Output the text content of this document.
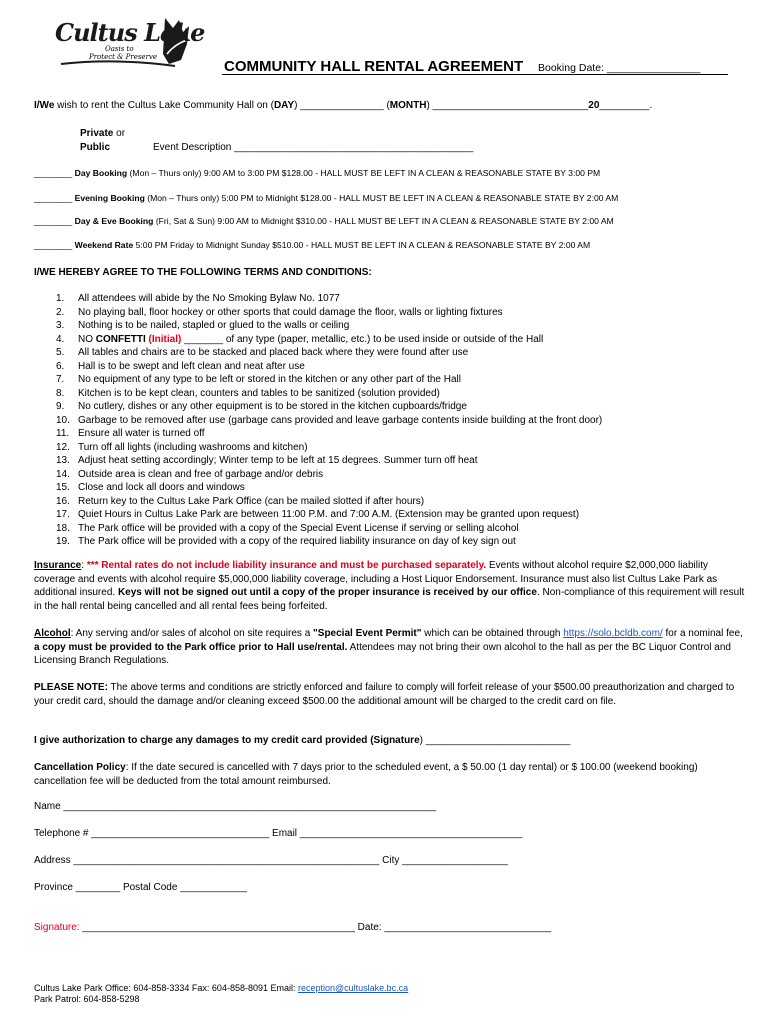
Cultus Lake
Oasis to
Protect & Preserve
COMMUNITY HALL RENTAL AGREEMENT Booking Date: ________________
I/We wish to rent the Cultus Lake Community Hall on (DAY) _______________ (MONTH) ____________________________20_________.
Private or
Public	Event Description ___________________________________________
________ Day Booking (Mon – Thurs only) 9:00 AM to 3:00 PM $128.00 - HALL MUST BE LEFT IN A CLEAN & REASONABLE STATE BY 3:00 PM
________ Evening Booking (Mon – Thurs only) 5:00 PM to Midnight $128.00 - HALL MUST BE LEFT IN A CLEAN & REASONABLE STATE BY 2:00 AM
________ Day & Eve Booking (Fri, Sat & Sun) 9:00 AM to Midnight $310.00 - HALL MUST BE LEFT IN A CLEAN & REASONABLE STATE BY 2:00 AM
________ Weekend Rate 5:00 PM Friday to Midnight Sunday $510.00 - HALL MUST BE LEFT IN A CLEAN & REASONABLE STATE BY 2:00 AM
I/WE HEREBY AGREE TO THE FOLLOWING TERMS AND CONDITIONS:
1. All attendees will abide by the No Smoking Bylaw No. 1077
2. No playing ball, floor hockey or other sports that could damage the floor, walls or lighting fixtures
3. Nothing is to be nailed, stapled or glued to the walls or ceiling
4. NO CONFETTI (Initial) _______ of any type (paper, metallic, etc.) to be used inside or outside of the Hall
5. All tables and chairs are to be stacked and placed back where they were found after use
6. Hall is to be swept and left clean and neat after use
7. No equipment of any type to be left or stored in the kitchen or any other part of the Hall
8. Kitchen is to be kept clean, counters and tables to be sanitized (solution provided)
9. No cutlery, dishes or any other equipment is to be stored in the kitchen cupboards/fridge
10. Garbage to be removed after use (garbage cans provided and leave garbage contents inside building at the front door)
11. Ensure all water is turned off
12. Turn off all lights (including washrooms and kitchen)
13. Adjust heat setting accordingly; Winter temp to be left at 15 degrees. Summer turn off heat
14. Outside area is clean and free of garbage and/or debris
15. Close and lock all doors and windows
16. Return key to the Cultus Lake Park Office (can be mailed slotted if after hours)
17. Quiet Hours in Cultus Lake Park are between 11:00 P.M. and 7:00 A.M. (Extension may be granted upon request)
18. The Park office will be provided with a copy of the Special Event License if serving or selling alcohol
19. The Park office will be provided with a copy of the required liability insurance on day of key sign out
Insurance: *** Rental rates do not include liability insurance and must be purchased separately. Events without alcohol require $2,000,000 liability coverage and events with alcohol require $5,000,000 liability coverage, including a Host Liquor Endorsement. Insurance must also list Cultus Lake Park as additional insured. Keys will not be signed out until a copy of the proper insurance is received by our office. Non-compliance of this requirement will result in the hall rental being cancelled and all rental fees being forfeited.
Alcohol: Any serving and/or sales of alcohol on site requires a "Special Event Permit" which can be obtained through https://solo.bcldb.com/ for a nominal fee, a copy must be provided to the Park office prior to Hall use/rental. Attendees may not bring their own alcohol to the hall as per the BC Liquor Control and Licensing Branch Regulations.
PLEASE NOTE: The above terms and conditions are strictly enforced and failure to comply will forfeit release of your $500.00 preauthorization and charged to your credit card, should the damage and/or cleaning exceed $500.00 the additional amount will be charged to the credit card on file.
I give authorization to charge any damages to my credit card provided (Signature) __________________________
Cancellation Policy: If the date secured is cancelled with 7 days prior to the scheduled event, a $ 50.00 (1 day rental) or $ 100.00 (weekend booking) cancellation fee will be deducted from the total amount reimbursed.
Name ___________________________________________________________________
Telephone # ________________________________ Email ________________________________________
Address _______________________________________________________ City ___________________
Province ________ Postal Code ____________
Signature: _________________________________________________ Date: ______________________________
Cultus Lake Park Office: 604-858-3334 Fax: 604-858-8091 Email: reception@cultuslake.bc.ca
Park Patrol: 604-858-5298
